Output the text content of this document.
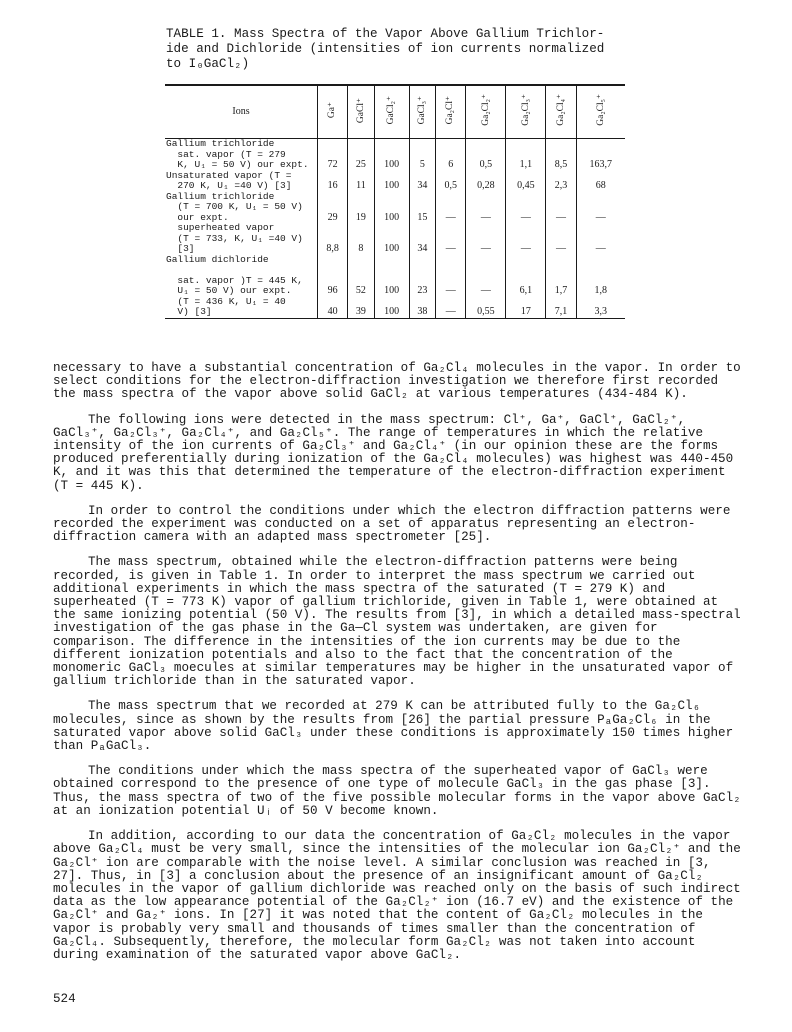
TABLE 1. Mass Spectra of the Vapor Above Gallium Trichlor-
ide and Dichloride (intensities of ion currents normalized
to I₀GaCl₂)

Ions	Ga⁺	GaCl⁺	GaCl₂⁺	GaCl₃⁺	Ga₂Cl⁺	Ga₂Cl₂⁺	Ga₂Cl₃⁺	Ga₂Cl₄⁺	Ga₂Cl₅⁺
Gallium trichloride
sat. vapor (T = 279
K, U₁ = 50 V) our expt.	72	25	100	5	6	0,5	1,1	8,5	163,7
Unsaturated vapor (T =
270 K, U₁ =40 V) [3]	16	11	100	34	0,5	0,28	0,45	2,3	68
Gallium trichloride
(T = 700 K, U₁ = 50 V)
our expt.	29	19	100	15	—	—	—	—	—
superheated vapor
(T = 733, K, U₁ =40 V)
[3]	8,8	8	100	34	—	—	—	—	—
Gallium dichloride

sat. vapor )T = 445 K,
U₁ = 50 V) our expt.	96	52	100	23	—	—	6,1	1,7	1,8
(T = 436 K, U₁ = 40
V) [3]	40	39	100	38	—	0,55	17	7,1	3,3

necessary to have a substantial concentration of Ga₂Cl₄ molecules in the vapor. In order to select conditions for the electron-diffraction investigation we therefore first recorded the mass spectra of the vapor above solid GaCl₂ at various temperatures (434-484 K).

The following ions were detected in the mass spectrum: Cl⁺, Ga⁺, GaCl⁺, GaCl₂⁺, GaCl₃⁺, Ga₂Cl₃⁺, Ga₂Cl₄⁺, and Ga₂Cl₅⁺. The range of temperatures in which the relative intensity of the ion currents of Ga₂Cl₃⁺ and Ga₂Cl₄⁺ (in our opinion these are the forms produced preferentially during ionization of the Ga₂Cl₄ molecules) was highest was 440-450 K, and it was this that determined the temperature of the electron-diffraction experiment (T = 445 K).

In order to control the conditions under which the electron diffraction patterns were recorded the experiment was conducted on a set of apparatus representing an electron-diffraction camera with an adapted mass spectrometer [25].

The mass spectrum, obtained while the electron-diffraction patterns were being recorded, is given in Table 1. In order to interpret the mass spectrum we carried out additional experiments in which the mass spectra of the saturated (T = 279 K) and superheated (T = 773 K) vapor of gallium trichloride, given in Table 1, were obtained at the same ionizing potential (50 V). The results from [3], in which a detailed mass-spectral investigation of the gas phase in the Ga—Cl system was undertaken, are given for comparison. The difference in the intensities of the ion currents may be due to the different ionization potentials and also to the fact that the concentration of the monomeric GaCl₃ moecules at similar temperatures may be higher in the unsaturated vapor of gallium trichloride than in the saturated vapor.

The mass spectrum that we recorded at 279 K can be attributed fully to the Ga₂Cl₆ molecules, since as shown by the results from [26] the partial pressure PₐGa₂Cl₆ in the saturated vapor above solid GaCl₃ under these conditions is approximately 150 times higher than PₐGaCl₃.

The conditions under which the mass spectra of the superheated vapor of GaCl₃ were obtained correspond to the presence of one type of molecule GaCl₃ in the gas phase [3]. Thus, the mass spectra of two of the five possible molecular forms in the vapor above GaCl₂ at an ionization potential Uᵢ of 50 V become known.

In addition, according to our data the concentration of Ga₂Cl₂ molecules in the vapor above Ga₂Cl₄ must be very small, since the intensities of the molecular ion Ga₂Cl₂⁺ and the Ga₂Cl⁺ ion are comparable with the noise level. A similar conclusion was reached in [3, 27]. Thus, in [3] a conclusion about the presence of an insignificant amount of Ga₂Cl₂ molecules in the vapor of gallium dichloride was reached only on the basis of such indirect data as the low appearance potential of the Ga₂Cl₂⁺ ion (16.7 eV) and the existence of the Ga₂Cl⁺ and Ga₂⁺ ions. In [27] it was noted that the content of Ga₂Cl₂ molecules in the vapor is probably very small and thousands of times smaller than the concentration of Ga₂Cl₄. Subsequently, therefore, the molecular form Ga₂Cl₂ was not taken into account during examination of the saturated vapor above GaCl₂.

524
